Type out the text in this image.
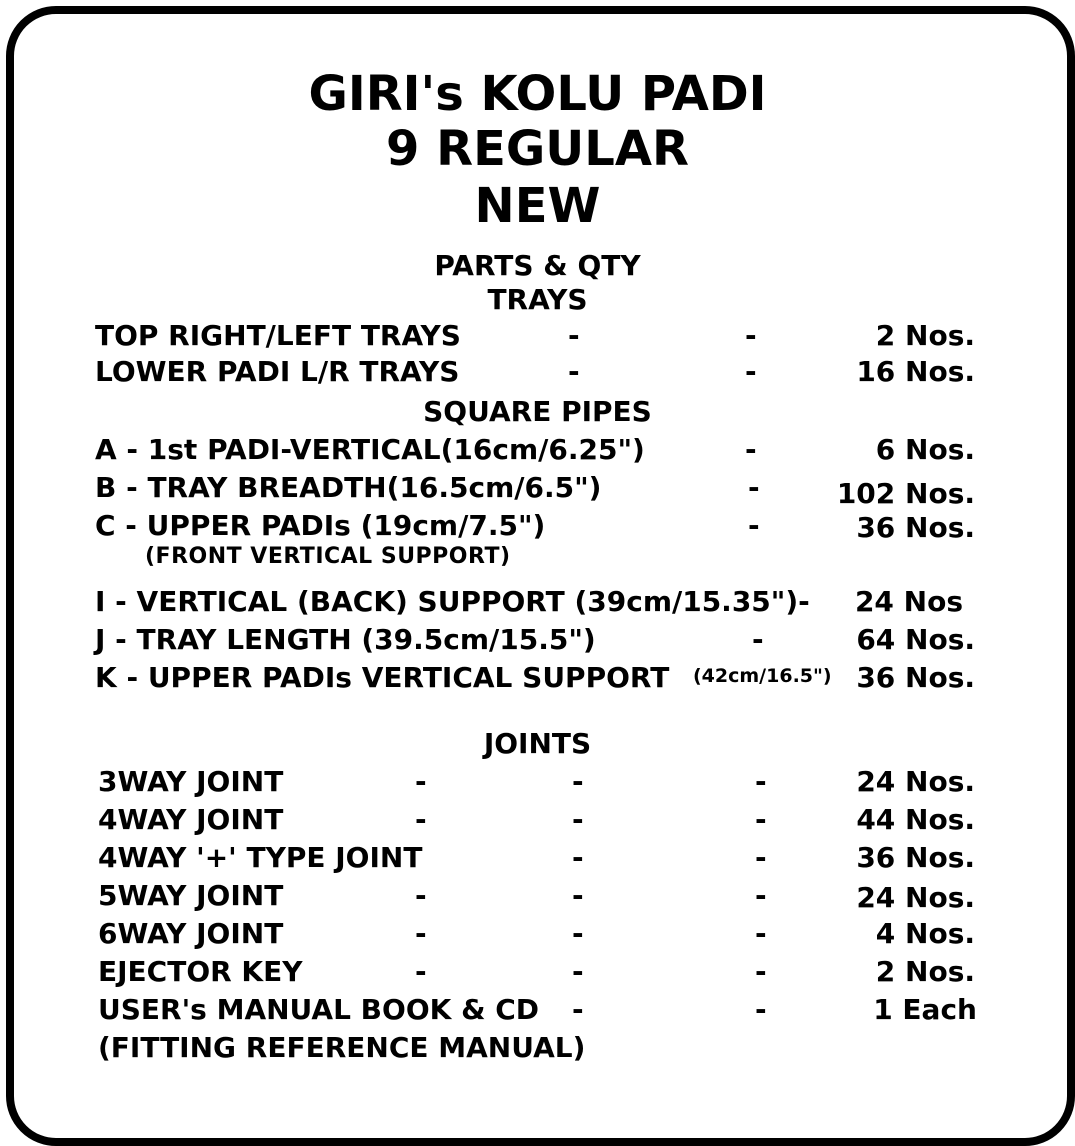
GIRI's KOLU PADI
9 REGULAR
NEW
PARTS & QTY
TRAYS
TOP RIGHT/LEFT TRAYS	-	-	2 Nos.
LOWER PADI L/R TRAYS	-	-	16 Nos.
SQUARE PIPES
A - 1st PADI-VERTICAL(16cm/6.25")	-	6 Nos.
B - TRAY BREADTH(16.5cm/6.5")	-	102 Nos.
C - UPPER PADIs (19cm/7.5")	-	36 Nos.
(FRONT VERTICAL SUPPORT)
I - VERTICAL (BACK) SUPPORT (39cm/15.35")- 24 Nos
J - TRAY LENGTH (39.5cm/15.5")	-	64 Nos.
K - UPPER PADIs VERTICAL SUPPORT (42cm/16.5") 36 Nos.
JOINTS
3WAY JOINT	-	-	-	24 Nos.
4WAY JOINT	-	-	-	44 Nos.
4WAY '+' TYPE JOINT	-	-	36 Nos.
5WAY JOINT	-	-	-	24 Nos.
6WAY JOINT	-	-	-	4 Nos.
EJECTOR KEY	-	-	-	2 Nos.
USER's MANUAL BOOK & CD -	-	1 Each
(FITTING REFERENCE MANUAL)
